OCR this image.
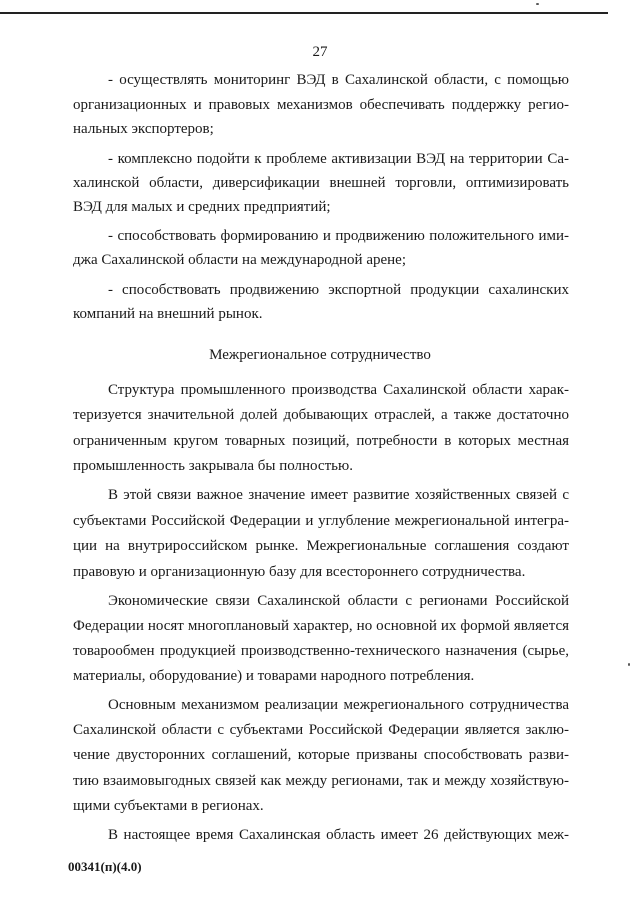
27
- осуществлять мониторинг ВЭД в Сахалинской области, с помощью
организационных и правовых механизмов обеспечивать поддержку регио-
нальных экспортеров;
- комплексно подойти к проблеме активизации ВЭД на территории Са-
халинской области, диверсификации внешней торговли, оптимизировать
ВЭД для малых и средних предприятий;
- способствовать формированию и продвижению положительного ими-
джа Сахалинской области на международной арене;
- способствовать продвижению экспортной продукции сахалинских
компаний на внешний рынок.
Межрегиональное сотрудничество
Структура промышленного производства Сахалинской области харак-
теризуется значительной долей добывающих отраслей, а также достаточно
ограниченным кругом товарных позиций, потребности в которых местная
промышленность закрывала бы полностью.
В этой связи важное значение имеет развитие хозяйственных связей с
субъектами Российской Федерации и углубление межрегиональной интегра-
ции на внутрироссийском рынке. Межрегиональные соглашения создают
правовую и организационную базу для всестороннего сотрудничества.
Экономические связи Сахалинской области с регионами Российской
Федерации носят многоплановый характер, но основной их формой является
товарообмен продукцией производственно-технического назначения (сырье,
материалы, оборудование) и товарами народного потребления.
Основным механизмом реализации межрегионального сотрудничества
Сахалинской области с субъектами Российской Федерации является заклю-
чение двусторонних соглашений, которые призваны способствовать разви-
тию взаимовыгодных связей как между регионами, так и между хозяйствую-
щими субъектами в регионах.
В настоящее время Сахалинская область имеет 26 действующих меж-
00341(п)(4.0)
